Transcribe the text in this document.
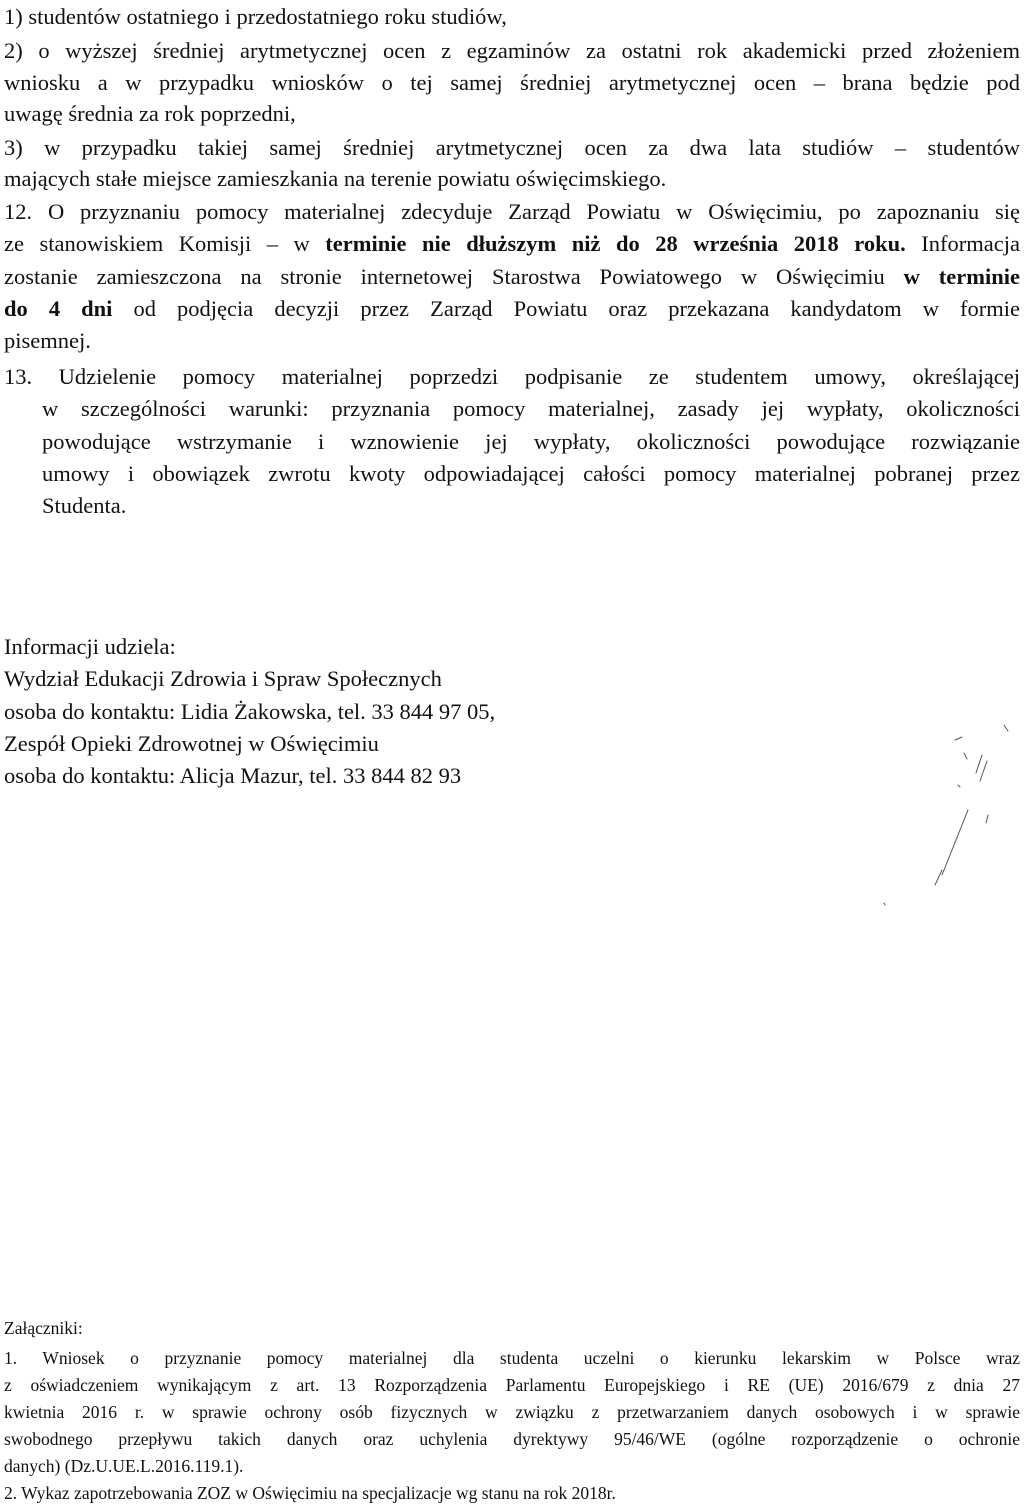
1) studentów ostatniego i przedostatniego roku studiów,
2) o wyższej średniej arytmetycznej ocen z egzaminów za ostatni rok akademicki przed złożeniem
wniosku a w przypadku wniosków o tej samej średniej arytmetycznej ocen – brana będzie pod
uwagę średnia za rok poprzedni,
3) w przypadku takiej samej średniej arytmetycznej ocen za dwa lata studiów – studentów
mających stałe miejsce zamieszkania na terenie powiatu oświęcimskiego.
12. O przyznaniu pomocy materialnej zdecyduje Zarząd Powiatu w Oświęcimiu, po zapoznaniu się
ze stanowiskiem Komisji – w terminie nie dłuższym niż do 28 września 2018 roku. Informacja
zostanie zamieszczona na stronie internetowej Starostwa Powiatowego w Oświęcimiu w terminie
do 4 dni od podjęcia decyzji przez Zarząd Powiatu oraz przekazana kandydatom w formie
pisemnej.
13. Udzielenie pomocy materialnej poprzedzi podpisanie ze studentem umowy, określającej
w szczególności warunki: przyznania pomocy materialnej, zasady jej wypłaty, okoliczności
powodujące wstrzymanie i wznowienie jej wypłaty, okoliczności powodujące rozwiązanie
umowy i obowiązek zwrotu kwoty odpowiadającej całości pomocy materialnej pobranej przez
Studenta.
Informacji udziela:
Wydział Edukacji Zdrowia i Spraw Społecznych
osoba do kontaktu: Lidia Żakowska, tel. 33 844 97 05,
Zespół Opieki Zdrowotnej w Oświęcimiu
osoba do kontaktu: Alicja Mazur, tel. 33 844 82 93
Załączniki:
1. Wniosek o przyznanie pomocy materialnej dla studenta uczelni o kierunku lekarskim w Polsce wraz
z oświadczeniem wynikającym z art. 13 Rozporządzenia Parlamentu Europejskiego i RE (UE) 2016/679 z dnia 27
kwietnia 2016 r. w sprawie ochrony osób fizycznych w związku z przetwarzaniem danych osobowych i w sprawie
swobodnego przepływu takich danych oraz uchylenia dyrektywy 95/46/WE (ogólne rozporządzenie o ochronie
danych) (Dz.U.UE.L.2016.119.1).
2. Wykaz zapotrzebowania ZOZ w Oświęcimiu na specjalizacje wg stanu na rok 2018r.
